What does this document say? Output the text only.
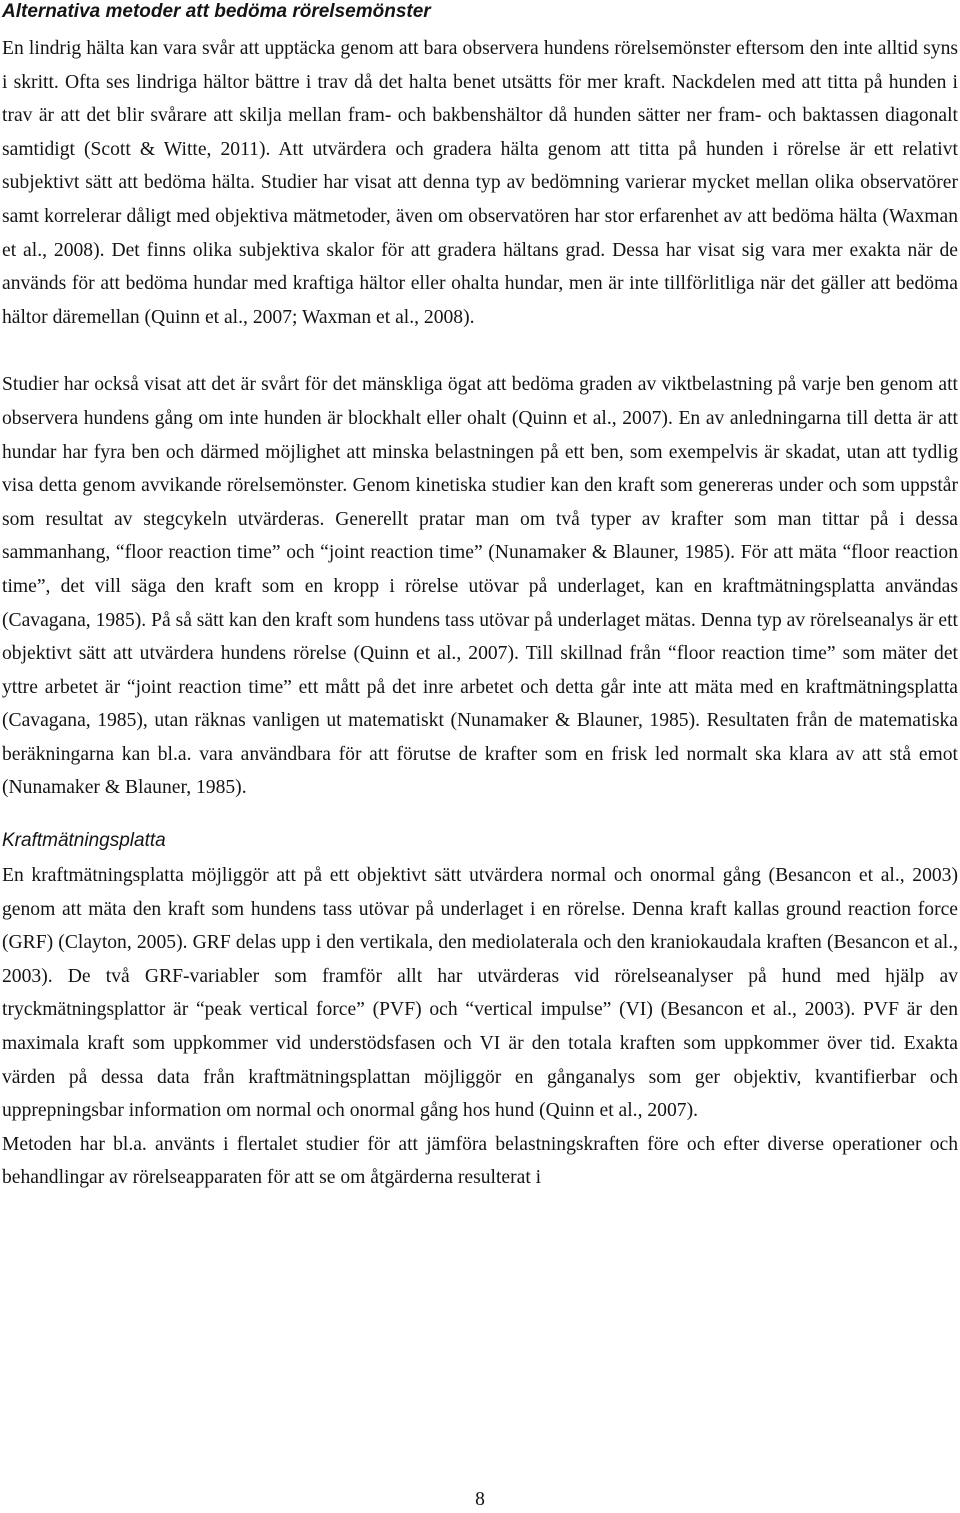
Alternativa metoder att bedöma rörelsemönster

En lindrig hälta kan vara svår att upptäcka genom att bara observera hundens rörelsemönster eftersom den inte alltid syns i skritt. Ofta ses lindriga hältor bättre i trav då det halta benet utsätts för mer kraft. Nackdelen med att titta på hunden i trav är att det blir svårare att skilja mellan fram- och bakbenshältor då hunden sätter ner fram- och baktassen diagonalt samtidigt (Scott & Witte, 2011). Att utvärdera och gradera hälta genom att titta på hunden i rörelse är ett relativt subjektivt sätt att bedöma hälta. Studier har visat att denna typ av bedömning varierar mycket mellan olika observatörer samt korrelerar dåligt med objektiva mätmetoder, även om observatören har stor erfarenhet av att bedöma hälta (Waxman et al., 2008). Det finns olika subjektiva skalor för att gradera hältans grad. Dessa har visat sig vara mer exakta när de används för att bedöma hundar med kraftiga hältor eller ohalta hundar, men är inte tillförlitliga när det gäller att bedöma hältor däremellan (Quinn et al., 2007; Waxman et al., 2008).

Studier har också visat att det är svårt för det mänskliga ögat att bedöma graden av viktbelastning på varje ben genom att observera hundens gång om inte hunden är blockhalt eller ohalt (Quinn et al., 2007). En av anledningarna till detta är att hundar har fyra ben och därmed möjlighet att minska belastningen på ett ben, som exempelvis är skadat, utan att tydlig visa detta genom avvikande rörelsemönster. Genom kinetiska studier kan den kraft som genereras under och som uppstår som resultat av stegcykeln utvärderas. Generellt pratar man om två typer av krafter som man tittar på i dessa sammanhang, “floor reaction time” och “joint reaction time” (Nunamaker & Blauner, 1985). För att mäta “floor reaction time”, det vill säga den kraft som en kropp i rörelse utövar på underlaget, kan en kraftmätningsplatta användas (Cavagana, 1985). På så sätt kan den kraft som hundens tass utövar på underlaget mätas. Denna typ av rörelseanalys är ett objektivt sätt att utvärdera hundens rörelse (Quinn et al., 2007). Till skillnad från “floor reaction time” som mäter det yttre arbetet är “joint reaction time” ett mått på det inre arbetet och detta går inte att mäta med en kraftmätningsplatta (Cavagana, 1985), utan räknas vanligen ut matematiskt (Nunamaker & Blauner, 1985). Resultaten från de matematiska beräkningarna kan bl.a. vara användbara för att förutse de krafter som en frisk led normalt ska klara av att stå emot (Nunamaker & Blauner, 1985).

Kraftmätningsplatta

En kraftmätningsplatta möjliggör att på ett objektivt sätt utvärdera normal och onormal gång (Besancon et al., 2003) genom att mäta den kraft som hundens tass utövar på underlaget i en rörelse. Denna kraft kallas ground reaction force (GRF) (Clayton, 2005). GRF delas upp i den vertikala, den mediolaterala och den kraniokaudala kraften (Besancon et al., 2003). De två GRF-variabler som framför allt har utvärderas vid rörelseanalyser på hund med hjälp av tryckmätningsplattor är “peak vertical force” (PVF) och “vertical impulse” (VI) (Besancon et al., 2003). PVF är den maximala kraft som uppkommer vid understödsfasen och VI är den totala kraften som uppkommer över tid. Exakta värden på dessa data från kraftmätningsplattan möjliggör en gånganalys som ger objektiv, kvantifierbar och upprepningsbar information om normal och onormal gång hos hund (Quinn et al., 2007).

Metoden har bl.a. använts i flertalet studier för att jämföra belastningskraften före och efter diverse operationer och behandlingar av rörelseapparaten för att se om åtgärderna resulterat i

8
